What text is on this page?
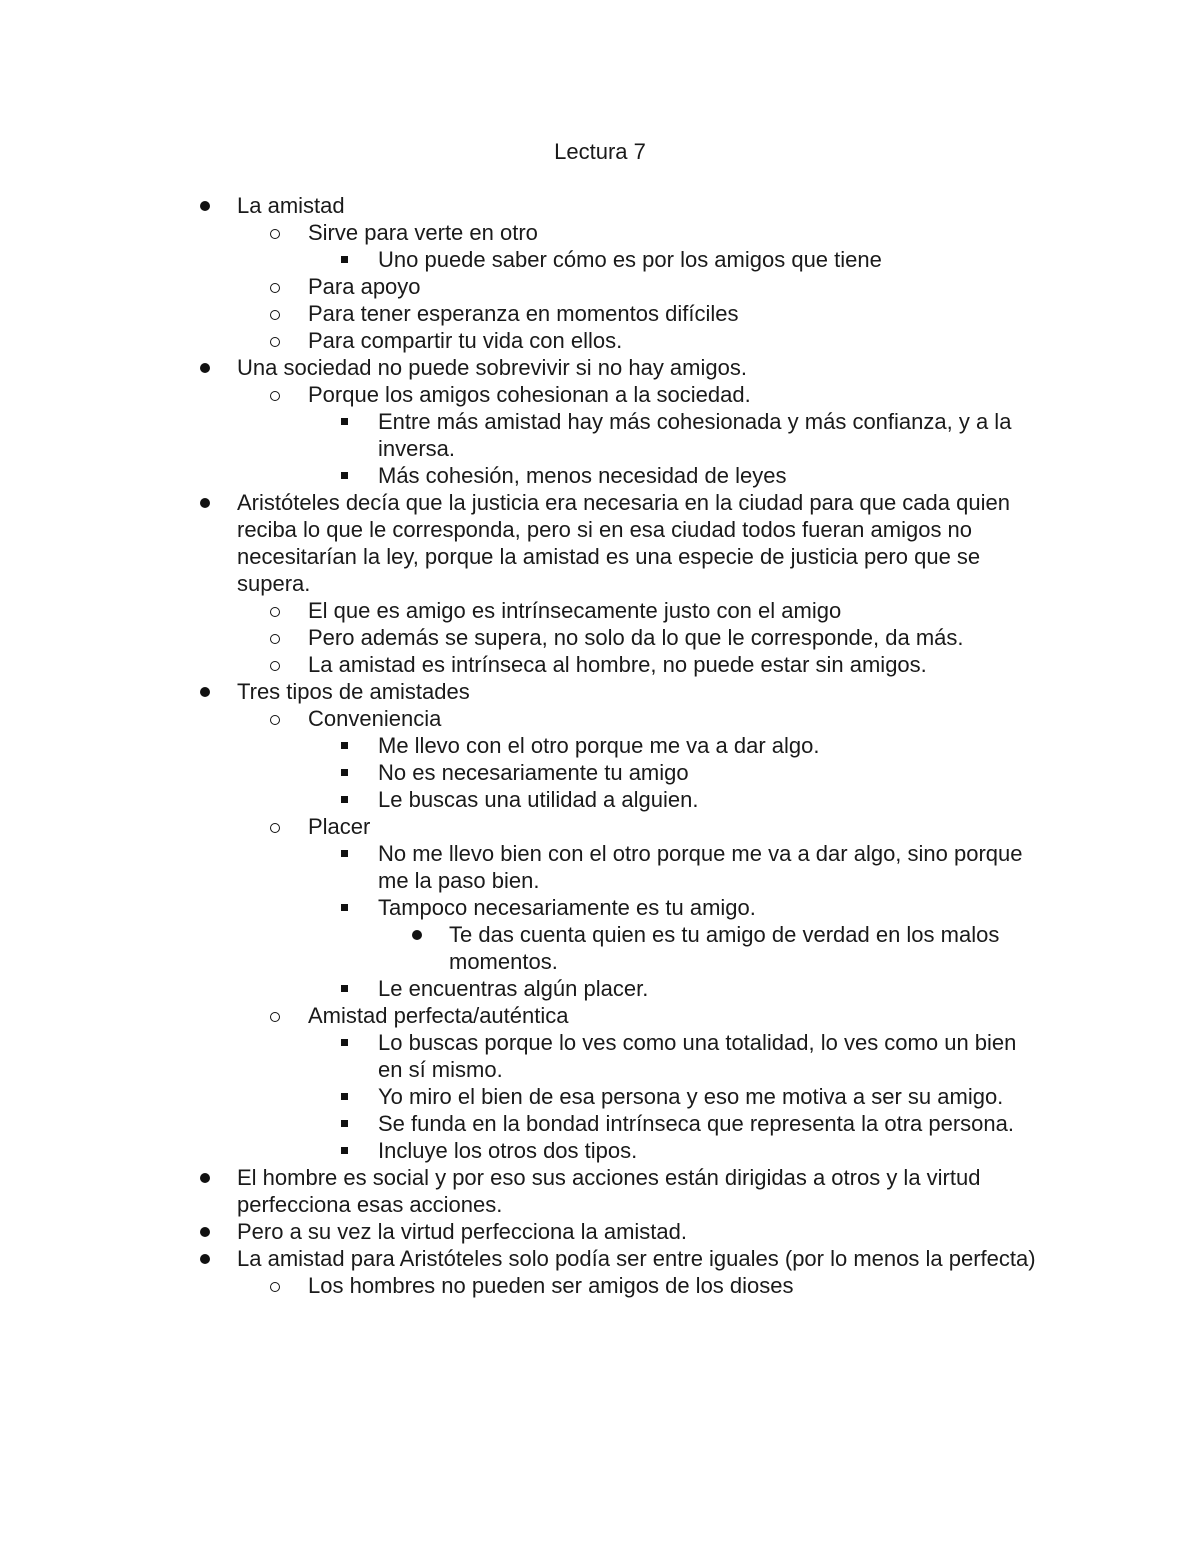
Lectura 7
La amistad
Sirve para verte en otro
Uno puede saber cómo es por los amigos que tiene
Para apoyo
Para tener esperanza en momentos difíciles
Para compartir tu vida con ellos.
Una sociedad no puede sobrevivir si no hay amigos.
Porque los amigos cohesionan a la sociedad.
Entre más amistad hay más cohesionada y más confianza, y a la inversa.
Más cohesión, menos necesidad de leyes
Aristóteles decía que la justicia era necesaria en la ciudad para que cada quien reciba lo que le corresponda, pero si en esa ciudad todos fueran amigos no necesitarían la ley, porque la amistad es una especie de justicia pero que se supera.
El que es amigo es intrínsecamente justo con el amigo
Pero además se supera, no solo da lo que le corresponde, da más.
La amistad es intrínseca al hombre, no puede estar sin amigos.
Tres tipos de amistades
Conveniencia
Me llevo con el otro porque me va a dar algo.
No es necesariamente tu amigo
Le buscas una utilidad a alguien.
Placer
No me llevo bien con el otro porque me va a dar algo, sino porque me la paso bien.
Tampoco necesariamente es tu amigo.
Te das cuenta quien es tu amigo de verdad en los malos momentos.
Le encuentras algún placer.
Amistad perfecta/auténtica
Lo buscas porque lo ves como una totalidad, lo ves como un bien en sí mismo.
Yo miro el bien de esa persona y eso me motiva a ser su amigo.
Se funda en la bondad intrínseca que representa la otra persona.
Incluye los otros dos tipos.
El hombre es social y por eso sus acciones están dirigidas a otros y la virtud perfecciona esas acciones.
Pero a su vez la virtud perfecciona la amistad.
La amistad para Aristóteles solo podía ser entre iguales (por lo menos la perfecta)
Los hombres no pueden ser amigos de los dioses
